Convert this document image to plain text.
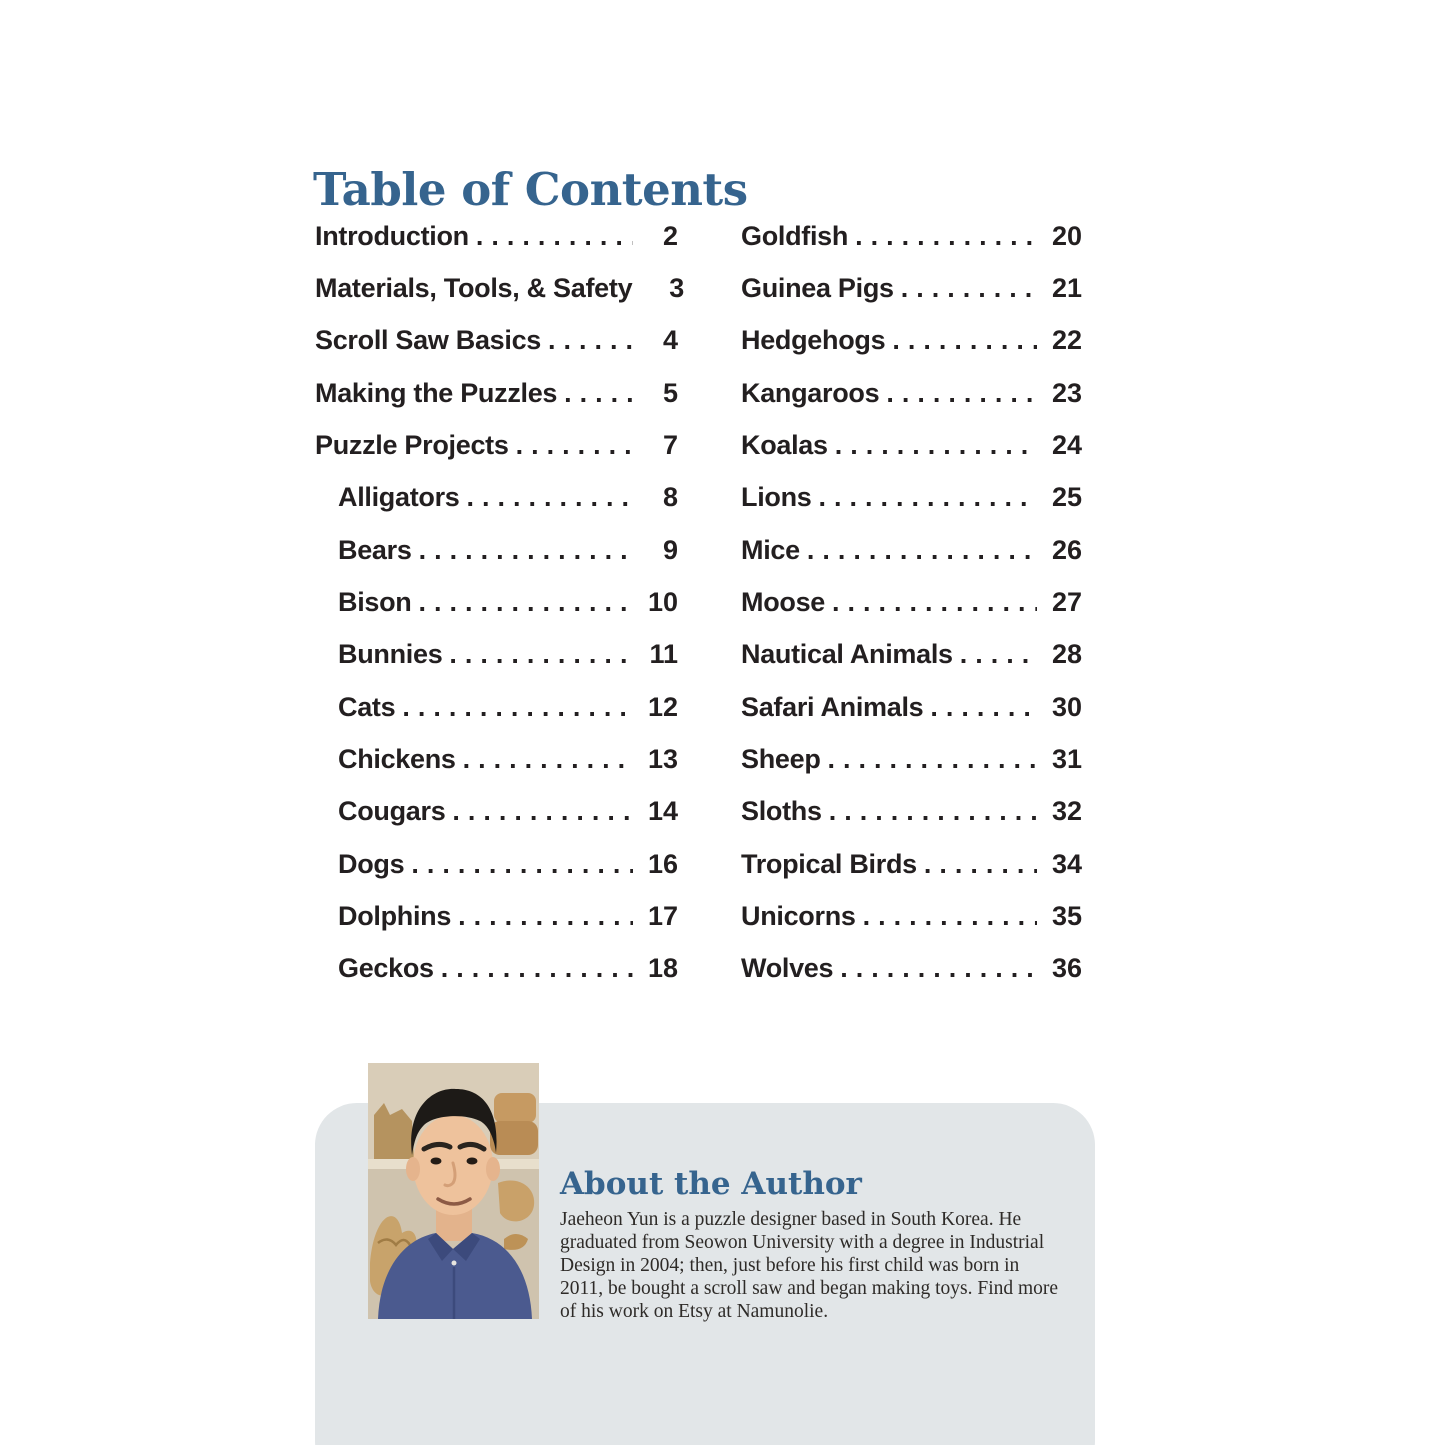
Table of Contents
Introduction .....	2
Materials, Tools, & Safety	3
Scroll Saw Basics .....	4
Making the Puzzles .....	5
Puzzle Projects .....	7
Alligators .....	8
Bears .....	9
Bison .....	10
Bunnies .....	11
Cats .....	12
Chickens .....	13
Cougars .....	14
Dogs .....	16
Dolphins .....	17
Geckos .....	18
Goldfish .....	20
Guinea Pigs .....	21
Hedgehogs .....	22
Kangaroos .....	23
Koalas .....	24
Lions .....	25
Mice .....	26
Moose .....	27
Nautical Animals .....	28
Safari Animals .....	30
Sheep .....	31
Sloths .....	32
Tropical Birds .....	34
Unicorns .....	35
Wolves .....	36
About the Author

Jaeheon Yun is a puzzle designer based in South Korea. He graduated from Seowon University with a degree in Industrial Design in 2004; then, just before his first child was born in 2011, be bought a scroll saw and began making toys. Find more of his work on Etsy at Namunolie.
